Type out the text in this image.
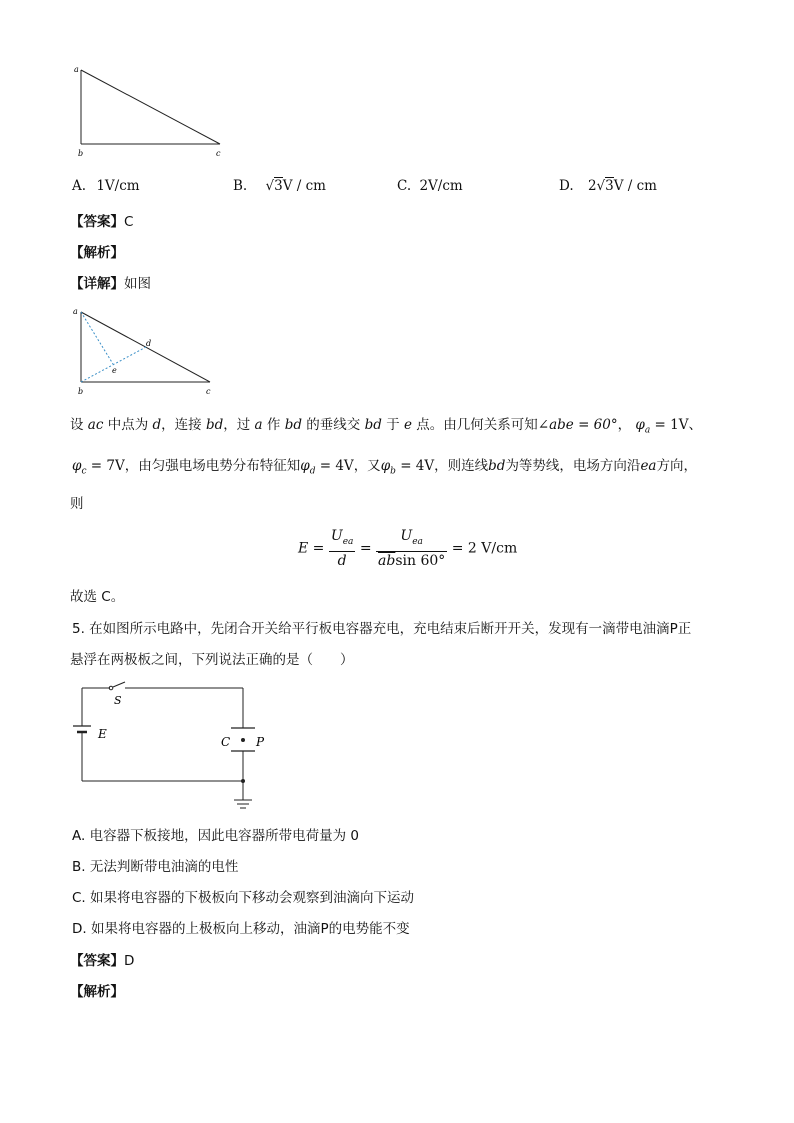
a
b	c
A. 1V/cm	B. √3V / cm	C. 2V/cm	D. 2√3V / cm
【答案】C
【解析】
【详解】如图
a
b	c
d
e
设 ac 中点为 d，连接 bd，过 a 作 bd 的垂线交 bd 于 e 点。由几何关系可知∠abe = 60°， $\varphi_a = 1V$、
$\varphi_c = 7V$，由匀强电场电势分布特征知$\varphi_d = 4V$，又$\varphi_b = 4V$，则连线bd为等势线，电场方向沿ea方向，
则
$E = \frac{U_{ea}}{d} = \frac{U_{ea}}{\overline{ab}\sin 60^\circ} = 2$ V/cm
故选 C。
5. 在如图所示电路中，先闭合开关给平行板电容器充电，充电结束后断开开关，发现有一滴带电油滴P正
悬浮在两极板之间，下列说法正确的是（　　）
S
E
C P
A. 电容器下板接地，因此电容器所带电荷量为 0
B. 无法判断带电油滴的电性
C. 如果将电容器的下极板向下移动会观察到油滴向下运动
D. 如果将电容器的上极板向上移动，油滴P的电势能不变
【答案】D
【解析】
